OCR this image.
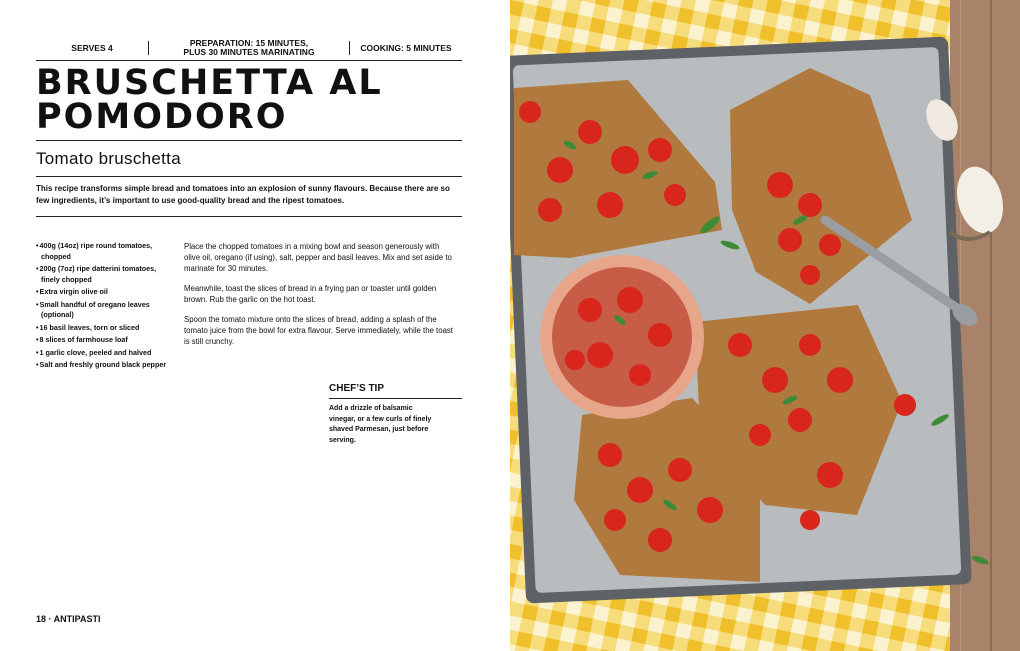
SERVES 4	PREPARATION: 15 MINUTES,
PLUS 30 MINUTES MARINATING	COOKING: 5 MINUTES
BRUSCHETTA AL
POMODORO
Tomato bruschetta
This recipe transforms simple bread and tomatoes into an explosion of sunny flavours. Because there are so few ingredients, it’s important to use good-quality bread and the ripest tomatoes.
•400g (14oz) ripe round tomatoes, chopped
•200g (7oz) ripe datterini tomatoes, finely chopped
•Extra virgin olive oil
•Small handful of oregano leaves (optional)
•16 basil leaves, torn or sliced
•8 slices of farmhouse loaf
•1 garlic clove, peeled and halved
•Salt and freshly ground black pepper

Place the chopped tomatoes in a mixing bowl and season generously with olive oil, oregano (if using), salt, pepper and basil leaves. Mix and set aside to marinate for 30 minutes.

Meanwhile, toast the slices of bread in a frying pan or toaster until golden brown. Rub the garlic on the hot toast.

Spoon the tomato mixture onto the slices of bread, adding a splash of the tomato juice from the bowl for extra flavour. Serve immediately, while the toast is still crunchy.

CHEF’S TIP
Add a drizzle of balsamic vinegar, or a few curls of finely shaved Parmesan, just before serving.
18 · ANTIPASTI
